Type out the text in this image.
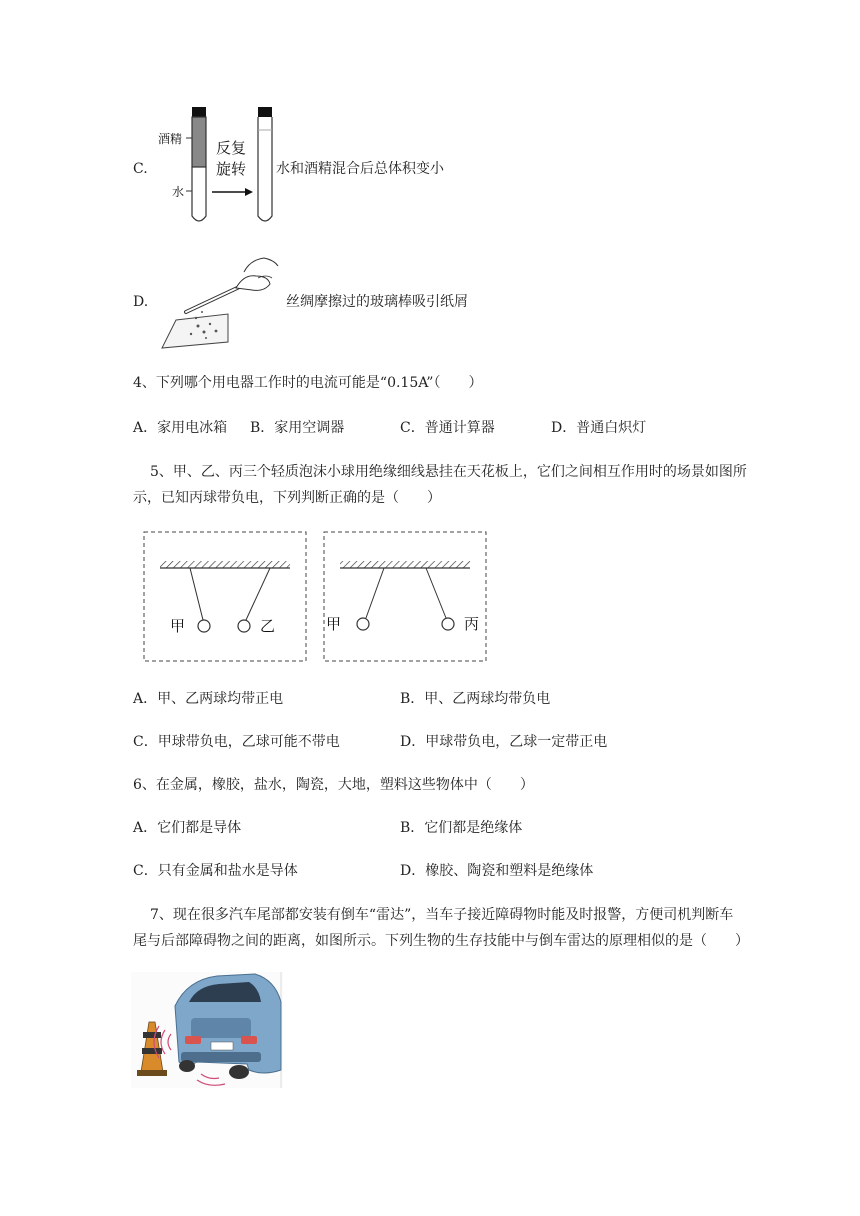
C.
酒精
水
反复
旋转 水和酒精混合后总体积变小
D.	丝绸摩擦过的玻璃棒吸引纸屑
4、下列哪个用电器工作时的电流可能是“0.15A”（　　）
A．家用电冰箱 B．家用空调器	C．普通计算器	D．普通白炽灯
5、甲、乙、丙三个轻质泡沫小球用绝缘细线悬挂在天花板上，它们之间相互作用时的场景如图所
示，已知丙球带负电，下列判断正确的是（　　）
甲	乙	甲	丙
A．甲、乙两球均带正电	B．甲、乙两球均带负电
C．甲球带负电，乙球可能不带电	D．甲球带负电，乙球一定带正电
6、在金属，橡胶，盐水，陶瓷，大地，塑料这些物体中（　　）
A．它们都是导体	B．它们都是绝缘体
C．只有金属和盐水是导体	D．橡胶、陶瓷和塑料是绝缘体
7、现在很多汽车尾部都安装有倒车“雷达”，当车子接近障碍物时能及时报警，方便司机判断车
尾与后部障碍物之间的距离，如图所示。下列生物的生存技能中与倒车雷达的原理相似的是（　　）
